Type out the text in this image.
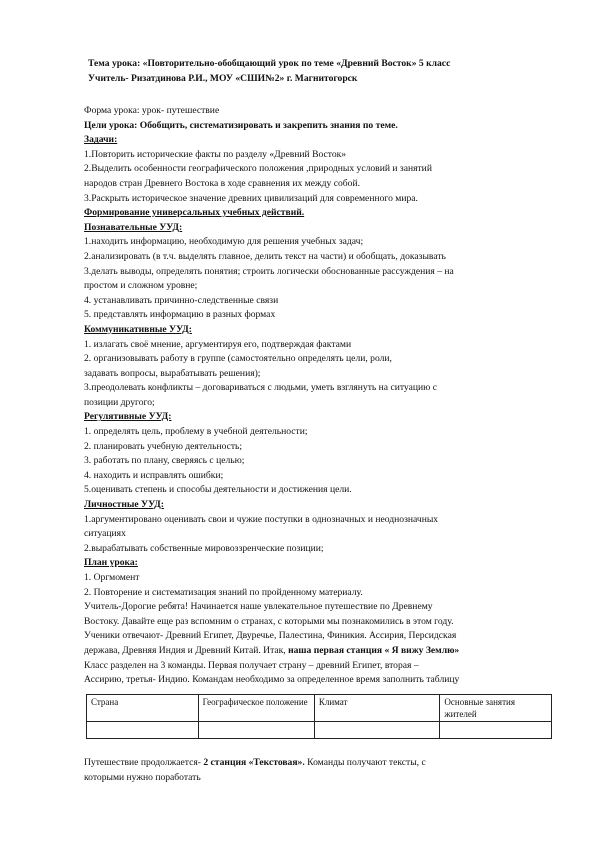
Тема урока: «Повторительно-обобщающий урок по теме «Древний Восток» 5 класс
Учитель- Ризатдинова Р.И., МОУ «СШИ№2» г. Магнитогорск

Форма урока: урок- путешествие

Цели урока: Обобщить, систематизировать и закрепить знания по теме.

Задачи:

1.Повторить исторические факты по разделу «Древний Восток»

2.Выделить особенности географического положения ,природных условий и занятий

народов стран Древнего Востока в ходе сравнения их между собой.

3.Раскрыть историческое значение древних цивилизаций для современного мира.

Формирование универсальных учебных действий.

Познавательные УУД:

1.находить информацию, необходимую для решения учебных задач;

2.анализировать (в т.ч. выделять главное, делить текст на части) и обобщать, доказывать

3.делать выводы, определять понятия; строить логически обоснованные рассуждения – на

простом и сложном уровне;

4. устанавливать причинно-следственные связи

5. представлять информацию в разных формах

Коммуникативные УУД:

1. излагать своё мнение, аргументируя его, подтверждая фактами

2. организовывать работу в группе (самостоятельно определять цели, роли,

задавать вопросы, вырабатывать решения);

3.преодолевать конфликты – договариваться с людьми, уметь взглянуть на ситуацию с

позиции другого;

Регулятивные УУД:

1. определять цель, проблему в учебной деятельности;

2. планировать учебную деятельность;

3. работать по плану, сверяясь с целью;

4. находить и исправлять ошибки;

5.оценивать степень и способы деятельности и достижения цели.

Личностные УУД:

1.аргументировано оценивать свои и чужие поступки в однозначных и неоднозначных

ситуациях

2.вырабатывать собственные мировоззренческие позиции;

План урока:

1. Оргмомент

2. Повторение и систематизация знаний по пройденному материалу.

Учитель-Дорогие ребята! Начинается наше увлекательное путешествие по Древнему

Востоку. Давайте еще раз вспомним о странах, с которыми мы познакомились в этом году.

Ученики отвечают- Древний Египет, Двуречье, Палестина, Финикия. Ассирия, Персидская

держава, Древняя Индия и Древний Китай. Итак, наша первая станция « Я вижу Землю»

Класс разделен на 3 команды. Первая получает страну – древний Египет, вторая –

Ассирию, третья- Индию. Командам необходимо за определенное время заполнить таблицу

Страна	Географическое положение	Климат	Основные занятия жителей

Путешествие продолжается- 2 станция «Текстовая». Команды получают тексты, с

которыми нужно поработать
